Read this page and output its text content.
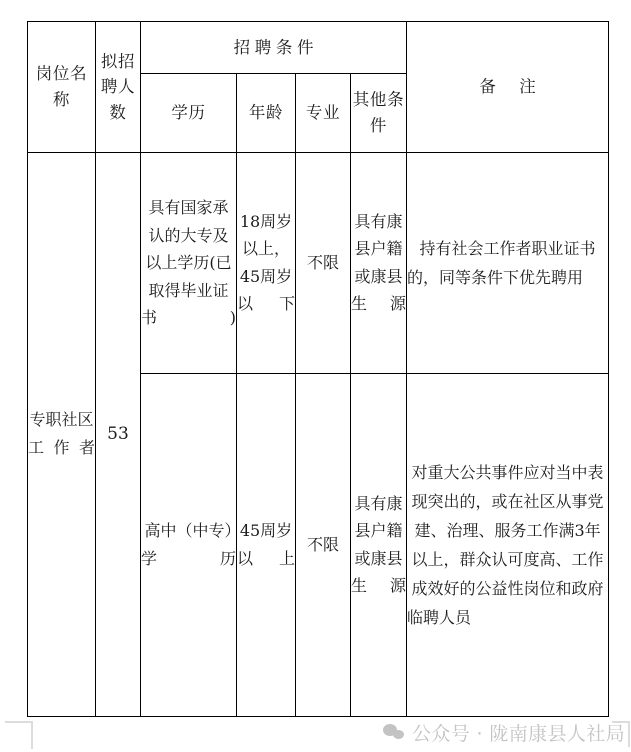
岗位名称	拟招聘人数	招聘条件				备 注
		学历	年龄	专业	其他条件	
专职社区工作者	53	具有国家承认的大专及以上学历(已取得毕业证书)	18周岁以上，45周岁以下	不限	具有康县户籍或康县生源	持有社会工作者职业证书的，同等条件下优先聘用
		高中（中专）学历	45周岁以上	不限	具有康县户籍或康县生源	对重大公共事件应对当中表现突出的，或在社区从事党建、治理、服务工作满3年以上，群众认可度高、工作成效好的公益性岗位和政府临聘人员
公众号 · 陇南康县人社局
